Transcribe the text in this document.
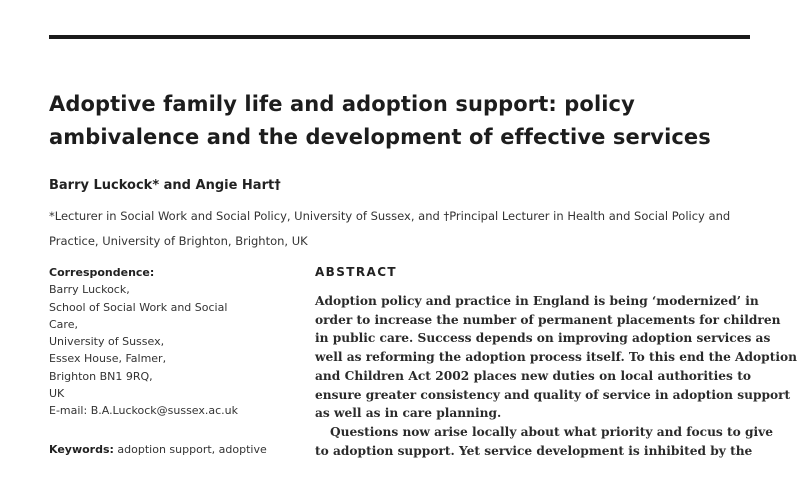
Adoptive family life and adoption support: policy
ambivalence and the development of effective services
Barry Luckock* and Angie Hart†
*Lecturer in Social Work and Social Policy, University of Sussex, and †Principal Lecturer in Health and Social Policy and
Practice, University of Brighton, Brighton, UK
Correspondence:
Barry Luckock,
School of Social Work and Social
Care,
University of Sussex,
Essex House, Falmer,
Brighton BN1 9RQ,
UK
E-mail: B.A.Luckock@sussex.ac.uk
Keywords: adoption support, adoptive
ABSTRACT
Adoption policy and practice in England is being ‘modernized’ in
order to increase the number of permanent placements for children
in public care. Success depends on improving adoption services as
well as reforming the adoption process itself. To this end the Adoption
and Children Act 2002 places new duties on local authorities to
ensure greater consistency and quality of service in adoption support
as well as in care planning.
Questions now arise locally about what priority and focus to give
to adoption support. Yet service development is inhibited by the
